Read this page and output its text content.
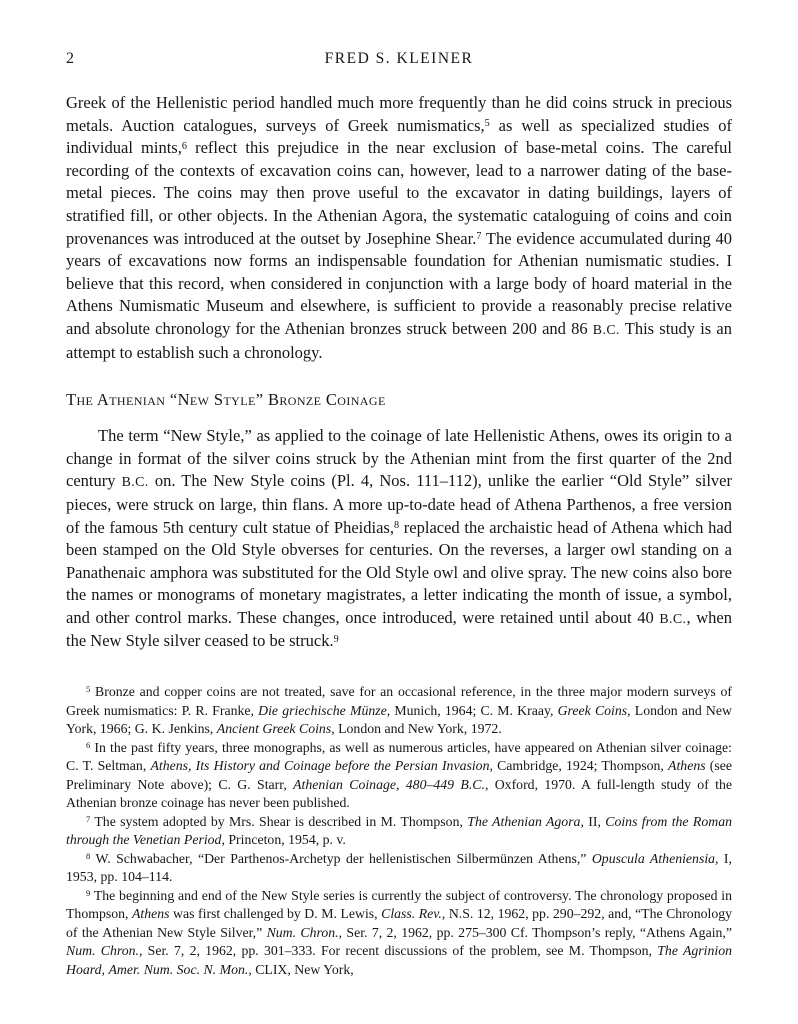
2	FRED S. KLEINER

Greek of the Hellenistic period handled much more frequently than he did coins struck in precious metals. Auction catalogues, surveys of Greek numismatics,$^5$ as well as specialized studies of individual mints,$^6$ reflect this prejudice in the near exclusion of base-metal coins. The careful recording of the contexts of excavation coins can, however, lead to a narrower dating of the base-metal pieces. The coins may then prove useful to the excavator in dating buildings, layers of stratified fill, or other objects. In the Athenian Agora, the systematic cataloguing of coins and coin provenances was introduced at the outset by Josephine Shear.$^7$ The evidence accumulated during 40 years of excavations now forms an indispensable foundation for Athenian numismatic studies. I believe that this record, when considered in conjunction with a large body of hoard material in the Athens Numismatic Museum and elsewhere, is sufficient to provide a reasonably precise relative and absolute chronology for the Athenian bronzes struck between 200 and 86 B.C. This study is an attempt to establish such a chronology.

The Athenian “New Style” Bronze Coinage

The term “New Style,” as applied to the coinage of late Hellenistic Athens, owes its origin to a change in format of the silver coins struck by the Athenian mint from the first quarter of the 2nd century B.C. on. The New Style coins (Pl. 4, Nos. 111–112), unlike the earlier “Old Style” silver pieces, were struck on large, thin flans. A more up-to-date head of Athena Parthenos, a free version of the famous 5th century cult statue of Pheidias,$^8$ replaced the archaistic head of Athena which had been stamped on the Old Style obverses for centuries. On the reverses, a larger owl standing on a Panathenaic amphora was substituted for the Old Style owl and olive spray. The new coins also bore the names or monograms of monetary magistrates, a letter indicating the month of issue, a symbol, and other control marks. These changes, once introduced, were retained until about 40 B.C., when the New Style silver ceased to be struck.$^9$

$^5$ Bronze and copper coins are not treated, save for an occasional reference, in the three major modern surveys of Greek numismatics: P. R. Franke, Die griechische Münze, Munich, 1964; C. M. Kraay, Greek Coins, London and New York, 1966; G. K. Jenkins, Ancient Greek Coins, London and New York, 1972.

$^6$ In the past fifty years, three monographs, as well as numerous articles, have appeared on Athenian silver coinage: C. T. Seltman, Athens, Its History and Coinage before the Persian Invasion, Cambridge, 1924; Thompson, Athens (see Preliminary Note above); C. G. Starr, Athenian Coinage, 480–449 B.C., Oxford, 1970. A full-length study of the Athenian bronze coinage has never been published.

$^7$ The system adopted by Mrs. Shear is described in M. Thompson, The Athenian Agora, II, Coins from the Roman through the Venetian Period, Princeton, 1954, p. v.

$^8$ W. Schwabacher, “Der Parthenos-Archetyp der hellenistischen Silbermünzen Athens,” Opuscula Atheniensia, I, 1953, pp. 104–114.

$^9$ The beginning and end of the New Style series is currently the subject of controversy. The chronology proposed in Thompson, Athens was first challenged by D. M. Lewis, Class. Rev., N.S. 12, 1962, pp. 290–292, and, “The Chronology of the Athenian New Style Silver,” Num. Chron., Ser. 7, 2, 1962, pp. 275–300 Cf. Thompson’s reply, “Athens Again,” Num. Chron., Ser. 7, 2, 1962, pp. 301–333. For recent discussions of the problem, see M. Thompson, The Agrinion Hoard, Amer. Num. Soc. N. Mon., CLIX, New York,
